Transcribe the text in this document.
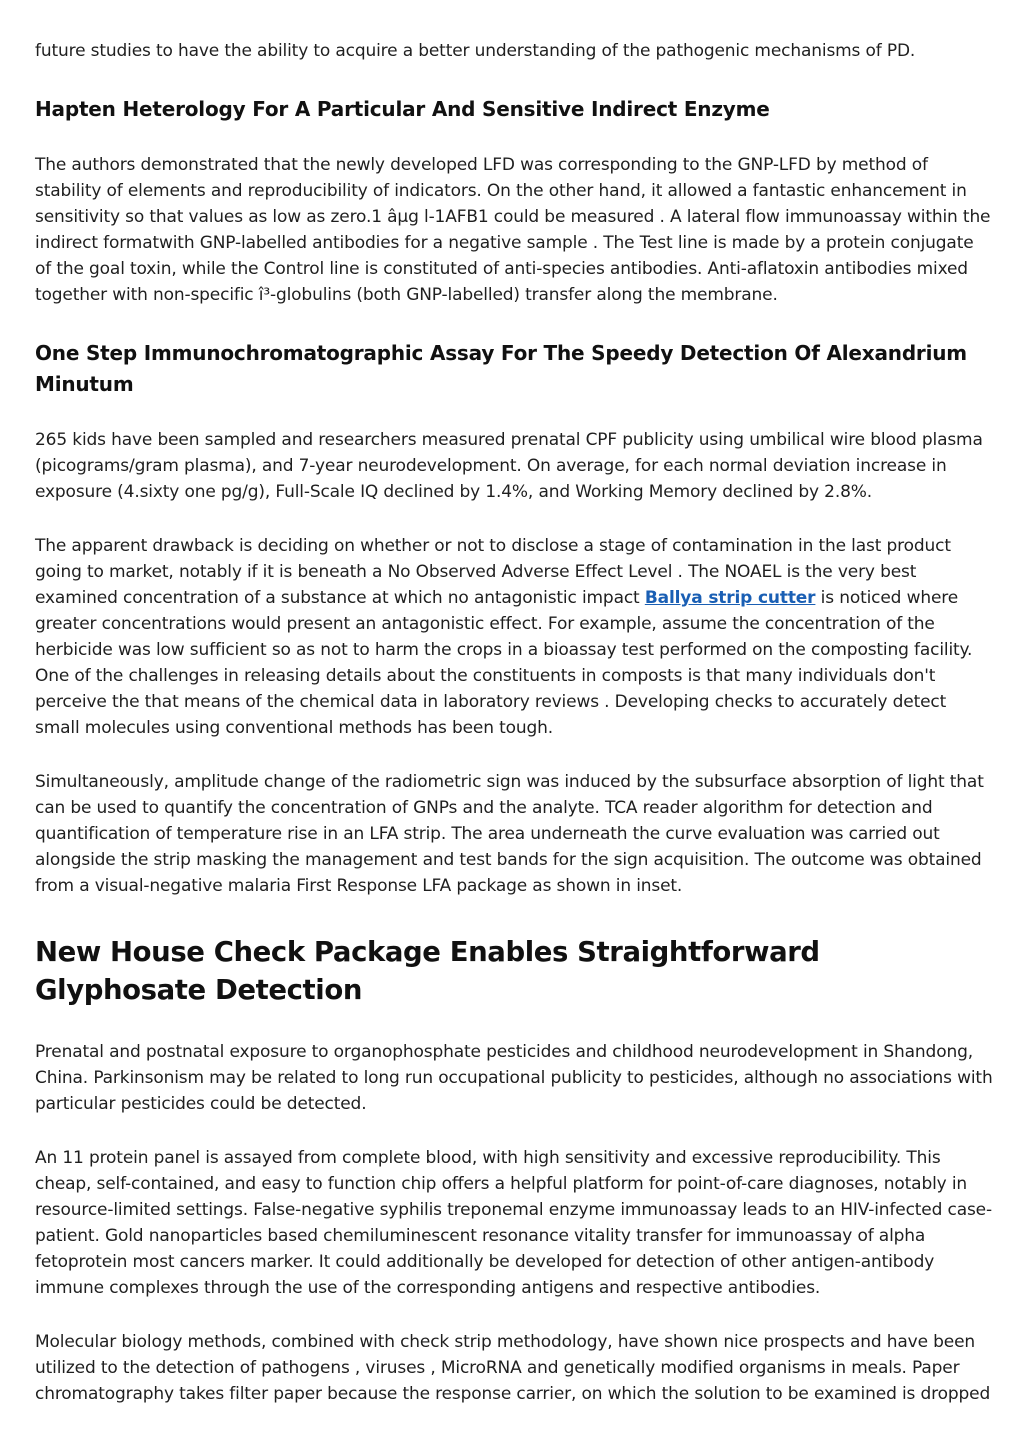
future studies to have the ability to acquire a better understanding of the pathogenic mechanisms of PD.

Hapten Heterology For A Particular And Sensitive Indirect Enzyme

The authors demonstrated that the newly developed LFD was corresponding to the GNP-LFD by method of stability of elements and reproducibility of indicators. On the other hand, it allowed a fantastic enhancement in sensitivity so that values as low as zero.1 âµg l-1AFB1 could be measured . A lateral flow immunoassay within the indirect formatwith GNP-labelled antibodies for a negative sample . The Test line is made by a protein conjugate of the goal toxin, while the Control line is constituted of anti-species antibodies. Anti-aflatoxin antibodies mixed together with non-specific î³-globulins (both GNP-labelled) transfer along the membrane.

One Step Immunochromatographic Assay For The Speedy Detection Of Alexandrium Minutum

265 kids have been sampled and researchers measured prenatal CPF publicity using umbilical wire blood plasma (picograms/gram plasma), and 7-year neurodevelopment. On average, for each normal deviation increase in exposure (4.sixty one pg/g), Full-Scale IQ declined by 1.4%, and Working Memory declined by 2.8%.

The apparent drawback is deciding on whether or not to disclose a stage of contamination in the last product going to market, notably if it is beneath a No Observed Adverse Effect Level . The NOAEL is the very best examined concentration of a substance at which no antagonistic impact Ballya strip cutter is noticed where greater concentrations would present an antagonistic effect. For example, assume the concentration of the herbicide was low sufficient so as not to harm the crops in a bioassay test performed on the composting facility. One of the challenges in releasing details about the constituents in composts is that many individuals don't perceive the that means of the chemical data in laboratory reviews . Developing checks to accurately detect small molecules using conventional methods has been tough.

Simultaneously, amplitude change of the radiometric sign was induced by the subsurface absorption of light that can be used to quantify the concentration of GNPs and the analyte. TCA reader algorithm for detection and quantification of temperature rise in an LFA strip. The area underneath the curve evaluation was carried out alongside the strip masking the management and test bands for the sign acquisition. The outcome was obtained from a visual-negative malaria First Response LFA package as shown in inset.

New House Check Package Enables Straightforward Glyphosate Detection

Prenatal and postnatal exposure to organophosphate pesticides and childhood neurodevelopment in Shandong, China. Parkinsonism may be related to long run occupational publicity to pesticides, although no associations with particular pesticides could be detected.

An 11 protein panel is assayed from complete blood, with high sensitivity and excessive reproducibility. This cheap, self-contained, and easy to function chip offers a helpful platform for point-of-care diagnoses, notably in resource-limited settings. False-negative syphilis treponemal enzyme immunoassay leads to an HIV-infected case-patient. Gold nanoparticles based chemiluminescent resonance vitality transfer for immunoassay of alpha fetoprotein most cancers marker. It could additionally be developed for detection of other antigen-antibody immune complexes through the use of the corresponding antigens and respective antibodies.

Molecular biology methods, combined with check strip methodology, have shown nice prospects and have been utilized to the detection of pathogens , viruses , MicroRNA and genetically modified organisms in meals. Paper chromatography takes filter paper because the response carrier, on which the solution to be examined is dropped
